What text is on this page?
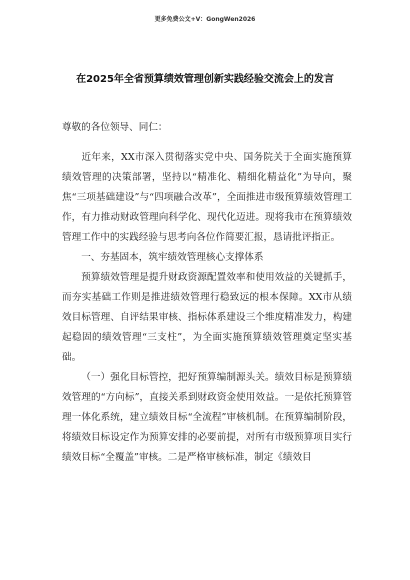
更多免费公文+V：GongWen2026
在2025年全省预算绩效管理创新实践经验交流会上的发言
尊敬的各位领导、同仁：

近年来，XX市深入贯彻落实党中央、国务院关于全面实施预算绩效管理的决策部署，坚持以“精准化、精细化精益化”为导向，聚焦“三项基础建设”与“四项融合改革”，全面推进市级预算绩效管理工作，有力推动财政管理向科学化、现代化迈进。现将我市在预算绩效管理工作中的实践经验与思考向各位作简要汇报，恳请批评指正。

一、夯基固本，筑牢绩效管理核心支撑体系

预算绩效管理是提升财政资源配置效率和使用效益的关键抓手，而夯实基础工作则是推进绩效管理行稳致远的根本保障。XX市从绩效目标管理、自评结果审核、指标体系建设三个维度精准发力，构建起稳固的绩效管理“三支柱”，为全面实施预算绩效管理奠定坚实基础。

（一）强化目标管控，把好预算编制源头关。绩效目标是预算绩效管理的“方向标”，直接关系到财政资金使用效益。一是依托预算管理一体化系统，建立绩效目标“全流程”审核机制。在预算编制阶段，将绩效目标设定作为预算安排的必要前提，对所有市级预算项目实行绩效目标“全覆盖”审核。二是严格审核标准，制定《绩效目
